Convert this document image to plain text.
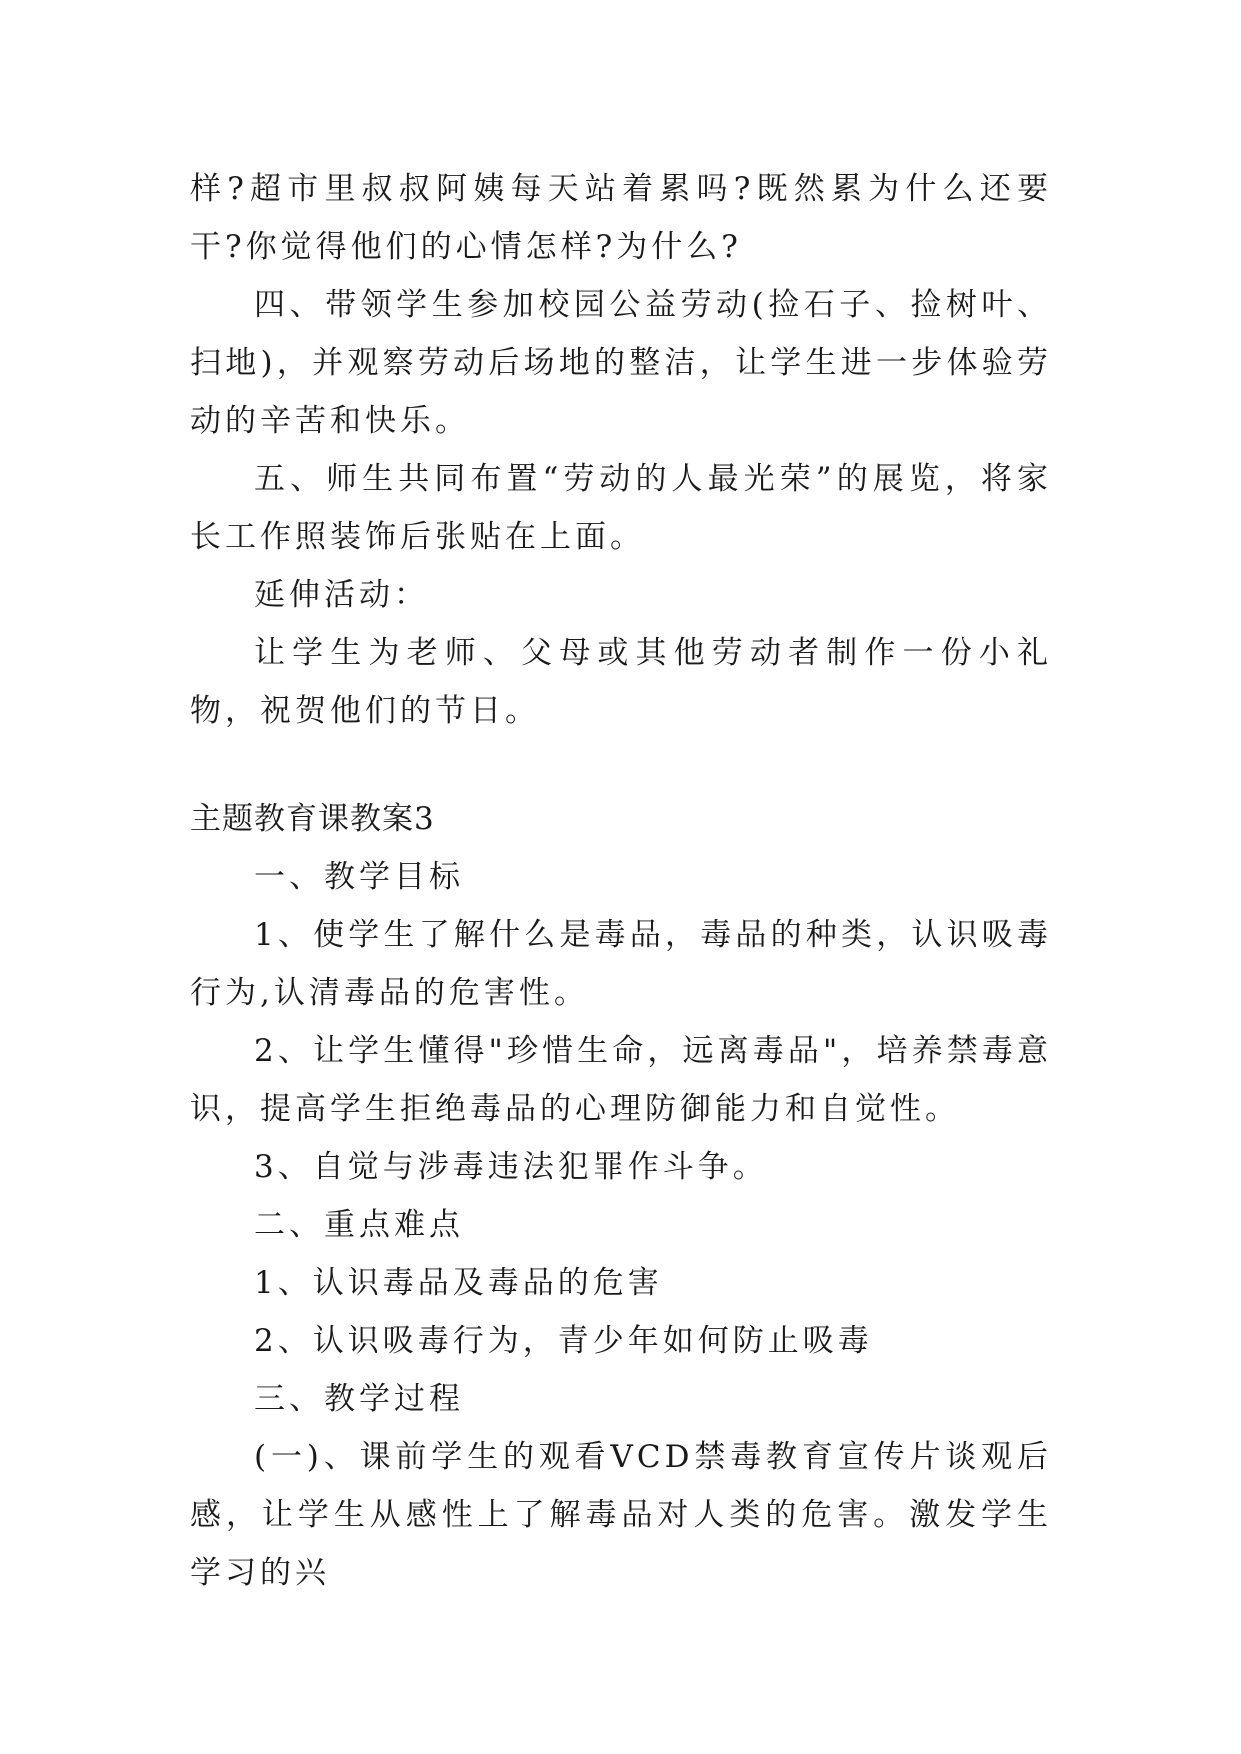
样?超市里叔叔阿姨每天站着累吗?既然累为什么还要干?你觉得他们的心情怎样?为什么?

四、带领学生参加校园公益劳动(捡石子、捡树叶、扫地)，并观察劳动后场地的整洁，让学生进一步体验劳动的辛苦和快乐。

五、师生共同布置“劳动的人最光荣”的展览，将家长工作照装饰后张贴在上面。

延伸活动：

让学生为老师、父母或其他劳动者制作一份小礼物，祝贺他们的节日。

主题教育课教案3

一、教学目标

1、使学生了解什么是毒品，毒品的种类，认识吸毒行为,认清毒品的危害性。

2、让学生懂得"珍惜生命，远离毒品"，培养禁毒意识，提高学生拒绝毒品的心理防御能力和自觉性。

3、自觉与涉毒违法犯罪作斗争。

二、重点难点

1、认识毒品及毒品的危害

2、认识吸毒行为，青少年如何防止吸毒

三、教学过程

(一)、课前学生的观看VCD禁毒教育宣传片谈观后感，让学生从感性上了解毒品对人类的危害。激发学生学习的兴
